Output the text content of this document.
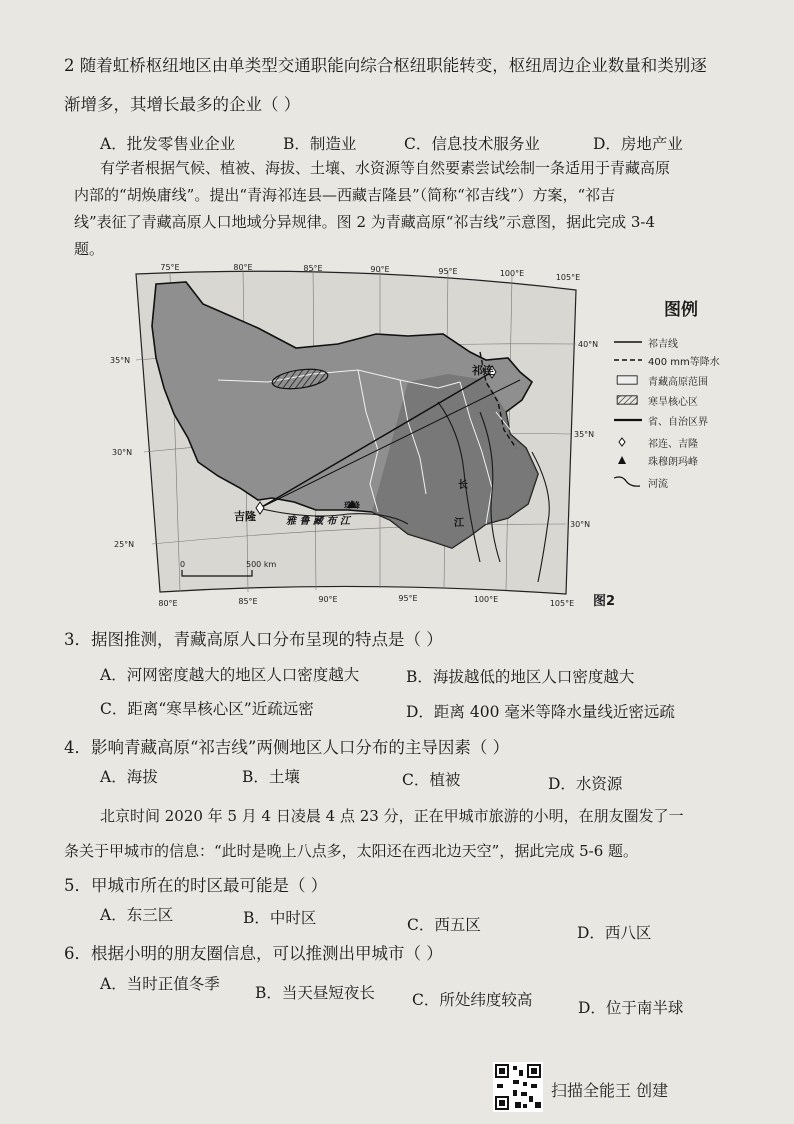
2 随着虹桥枢纽地区由单类型交通职能向综合枢纽职能转变，枢纽周边企业数量和类别逐
渐增多，其增长最多的企业（ ）
A．批发零售业企业	B．制造业	C．信息技术服务业	D．房地产业
有学者根据气候、植被、海拔、土壤、水资源等自然要素尝试绘制一条适用于青藏高原
内部的“胡焕庸线”。提出“青海祁连县—西藏吉隆县”（简称“祁吉线”）方案，“祁吉
线”表征了青藏高原人口地域分异规律。图 2 为青藏高原“祁吉线”示意图，据此完成 3-4
题。
祁连
吉隆
珠峰
雅 鲁 藏 布 江
长
江
75°E	80°E	85°E	90°E	95°E	100°E	105°E
80°E	85°E	90°E	95°E	100°E	105°E
35°N
30°N
25°N
40°N
35°N
30°N
0	500 km
图例
祁吉线
400 mm等降水
青藏高原范围
寒旱核心区
省、自治区界
祁连、吉隆
珠穆朗玛峰
河流
图2
3．据图推测，青藏高原人口分布呈现的特点是（ ）
A．河网密度越大的地区人口密度越大	B．海拔越低的地区人口密度越大
C．距离“寒旱核心区”近疏远密	D．距离 400 毫米等降水量线近密远疏
4．影响青藏高原“祁吉线”两侧地区人口分布的主导因素（ ）
A．海拔	B．土壤	C．植被	D．水资源
北京时间 2020 年 5 月 4 日凌晨 4 点 23 分，正在甲城市旅游的小明，在朋友圈发了一
条关于甲城市的信息：“此时是晚上八点多，太阳还在西北边天空”，据此完成 5-6 题。
5．甲城市所在的时区最可能是（ ）
A．东三区	B．中时区	C．西五区	D．西八区
6．根据小明的朋友圈信息，可以推测出甲城市（ ）
A．当时正值冬季 B．当天昼短夜长 C．所处纬度较高	D．位于南半球
扫描全能王 创建
